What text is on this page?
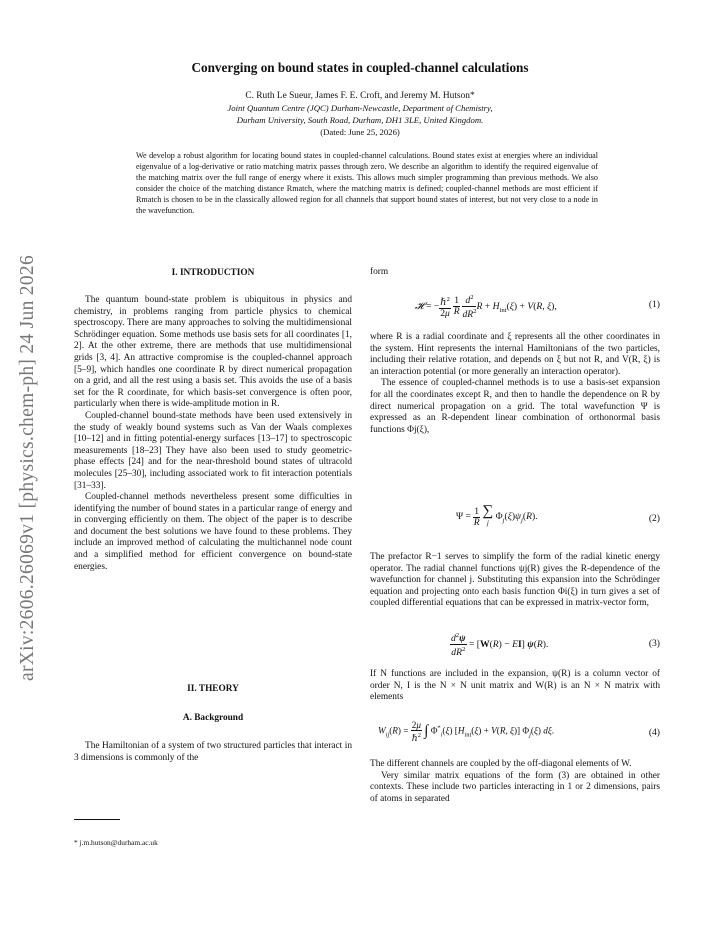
arXiv:2606.26069v1 [physics.chem-ph] 24 Jun 2026
Converging on bound states in coupled-channel calculations
C. Ruth Le Sueur, James F. E. Croft, and Jeremy M. Hutson*
Joint Quantum Centre (JQC) Durham-Newcastle, Department of Chemistry,
Durham University, South Road, Durham, DH1 3LE, United Kingdom.
(Dated: June 25, 2026)
We develop a robust algorithm for locating bound states in coupled-channel calculations. Bound states exist at energies where an individual eigenvalue of a log-derivative or ratio matching matrix passes through zero. We describe an algorithm to identify the required eigenvalue of the matching matrix over the full range of energy where it exists. This allows much simpler programming than previous methods. We also consider the choice of the matching distance Rmatch, where the matching matrix is defined; coupled-channel methods are most efficient if Rmatch is chosen to be in the classically allowed region for all channels that support bound states of interest, but not very close to a node in the wavefunction.
I. INTRODUCTION

The quantum bound-state problem is ubiquitous in physics and chemistry, in problems ranging from particle physics to chemical spectroscopy. There are many approaches to solving the multidimensional Schrödinger equation. Some methods use basis sets for all coordinates [1, 2]. At the other extreme, there are methods that use multidimensional grids [3, 4]. An attractive compromise is the coupled-channel approach [5–9], which handles one coordinate R by direct numerical propagation on a grid, and all the rest using a basis set. This avoids the use of a basis set for the R coordinate, for which basis-set convergence is often poor, particularly when there is wide-amplitude motion in R.

Coupled-channel bound-state methods have been used extensively in the study of weakly bound systems such as Van der Waals complexes [10–12] and in fitting potential-energy surfaces [13–17] to spectroscopic measurements [18–23] They have also been used to study geometric-phase effects [24] and for the near-threshold bound states of ultracold molecules [25–30], including associated work to fit interaction potentials [31–33].

Coupled-channel methods nevertheless present some difficulties in identifying the number of bound states in a particular range of energy and in converging efficiently on them. The object of the paper is to describe and document the best solutions we have found to these problems. They include an improved method of calculating the multichannel node count and a simplified method for efficient convergence on bound-state energies.

II. THEORY
A. Background

The Hamiltonian of a system of two structured particles that interact in 3 dimensions is commonly of the

* j.m.hutson@durham.ac.uk

form

𝓗 = − $\frac{\hbar^2}{2\mu}$
$\frac{1}{R}$
$\frac{d^2}{dR^2}$ $R + H_{int}(\xi) + V(R$, ξ),	(1)

where R is a radial coordinate and ξ represents all the other coordinates in the system. Hint represents the internal Hamiltonians of the two particles, including their relative rotation, and depends on ξ but not R, and V(R, ξ) is an interaction potential (or more generally an interaction operator).

The essence of coupled-channel methods is to use a basis-set expansion for all the coordinates except R, and then to handle the dependence on R by direct numerical propagation on a grid. The total wavefunction Ψ is expressed as an R-dependent linear combination of orthonormal basis functions Φj(ξ),

$\Psi = \frac{1}{R}$ ∑
j $\Phi_j(\xi)\psi_j(R)$.	(2)

The prefactor R−1 serves to simplify the form of the radial kinetic energy operator. The radial channel functions ψj(R) gives the R-dependence of the wavefunction for channel j. Substituting this expansion into the Schrödinger equation and projecting onto each basis function Φi(ξ) in turn gives a set of coupled differential equations that can be expressed in matrix-vector form,

$\frac{d^2\psi}{dR^2} = [W(R) - EI]$ ψ(R).	(3)

If N functions are included in the expansion, ψ(R) is a column vector of order N, I is the N × N unit matrix and W(R) is an N × N matrix with elements

$W_{ij}(R) = \frac{2\mu}{\hbar^2}$ ∫ $\Phi^*_i(\xi) [H_{int}(\xi) + V(R$, ξ)] $\Phi_j(\xi)$ dξ.	(4)

The different channels are coupled by the off-diagonal elements of W.

Very similar matrix equations of the form (3) are obtained in other contexts. These include two particles interacting in 1 or 2 dimensions, pairs of atoms in separated
